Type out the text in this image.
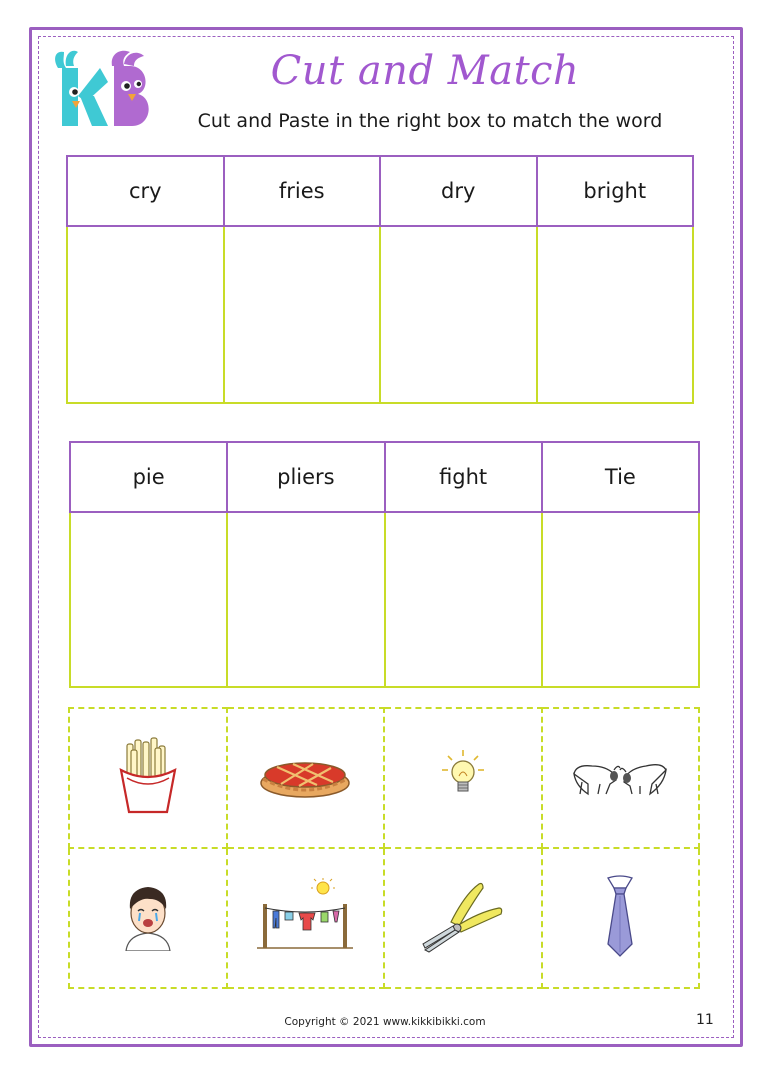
Cut and Match
Cut and Paste in the right box to match the word
cry	fries	dry	bright

pie	pliers	fight	Tie

Copyright © 2021 www.kikkibikki.com	11
